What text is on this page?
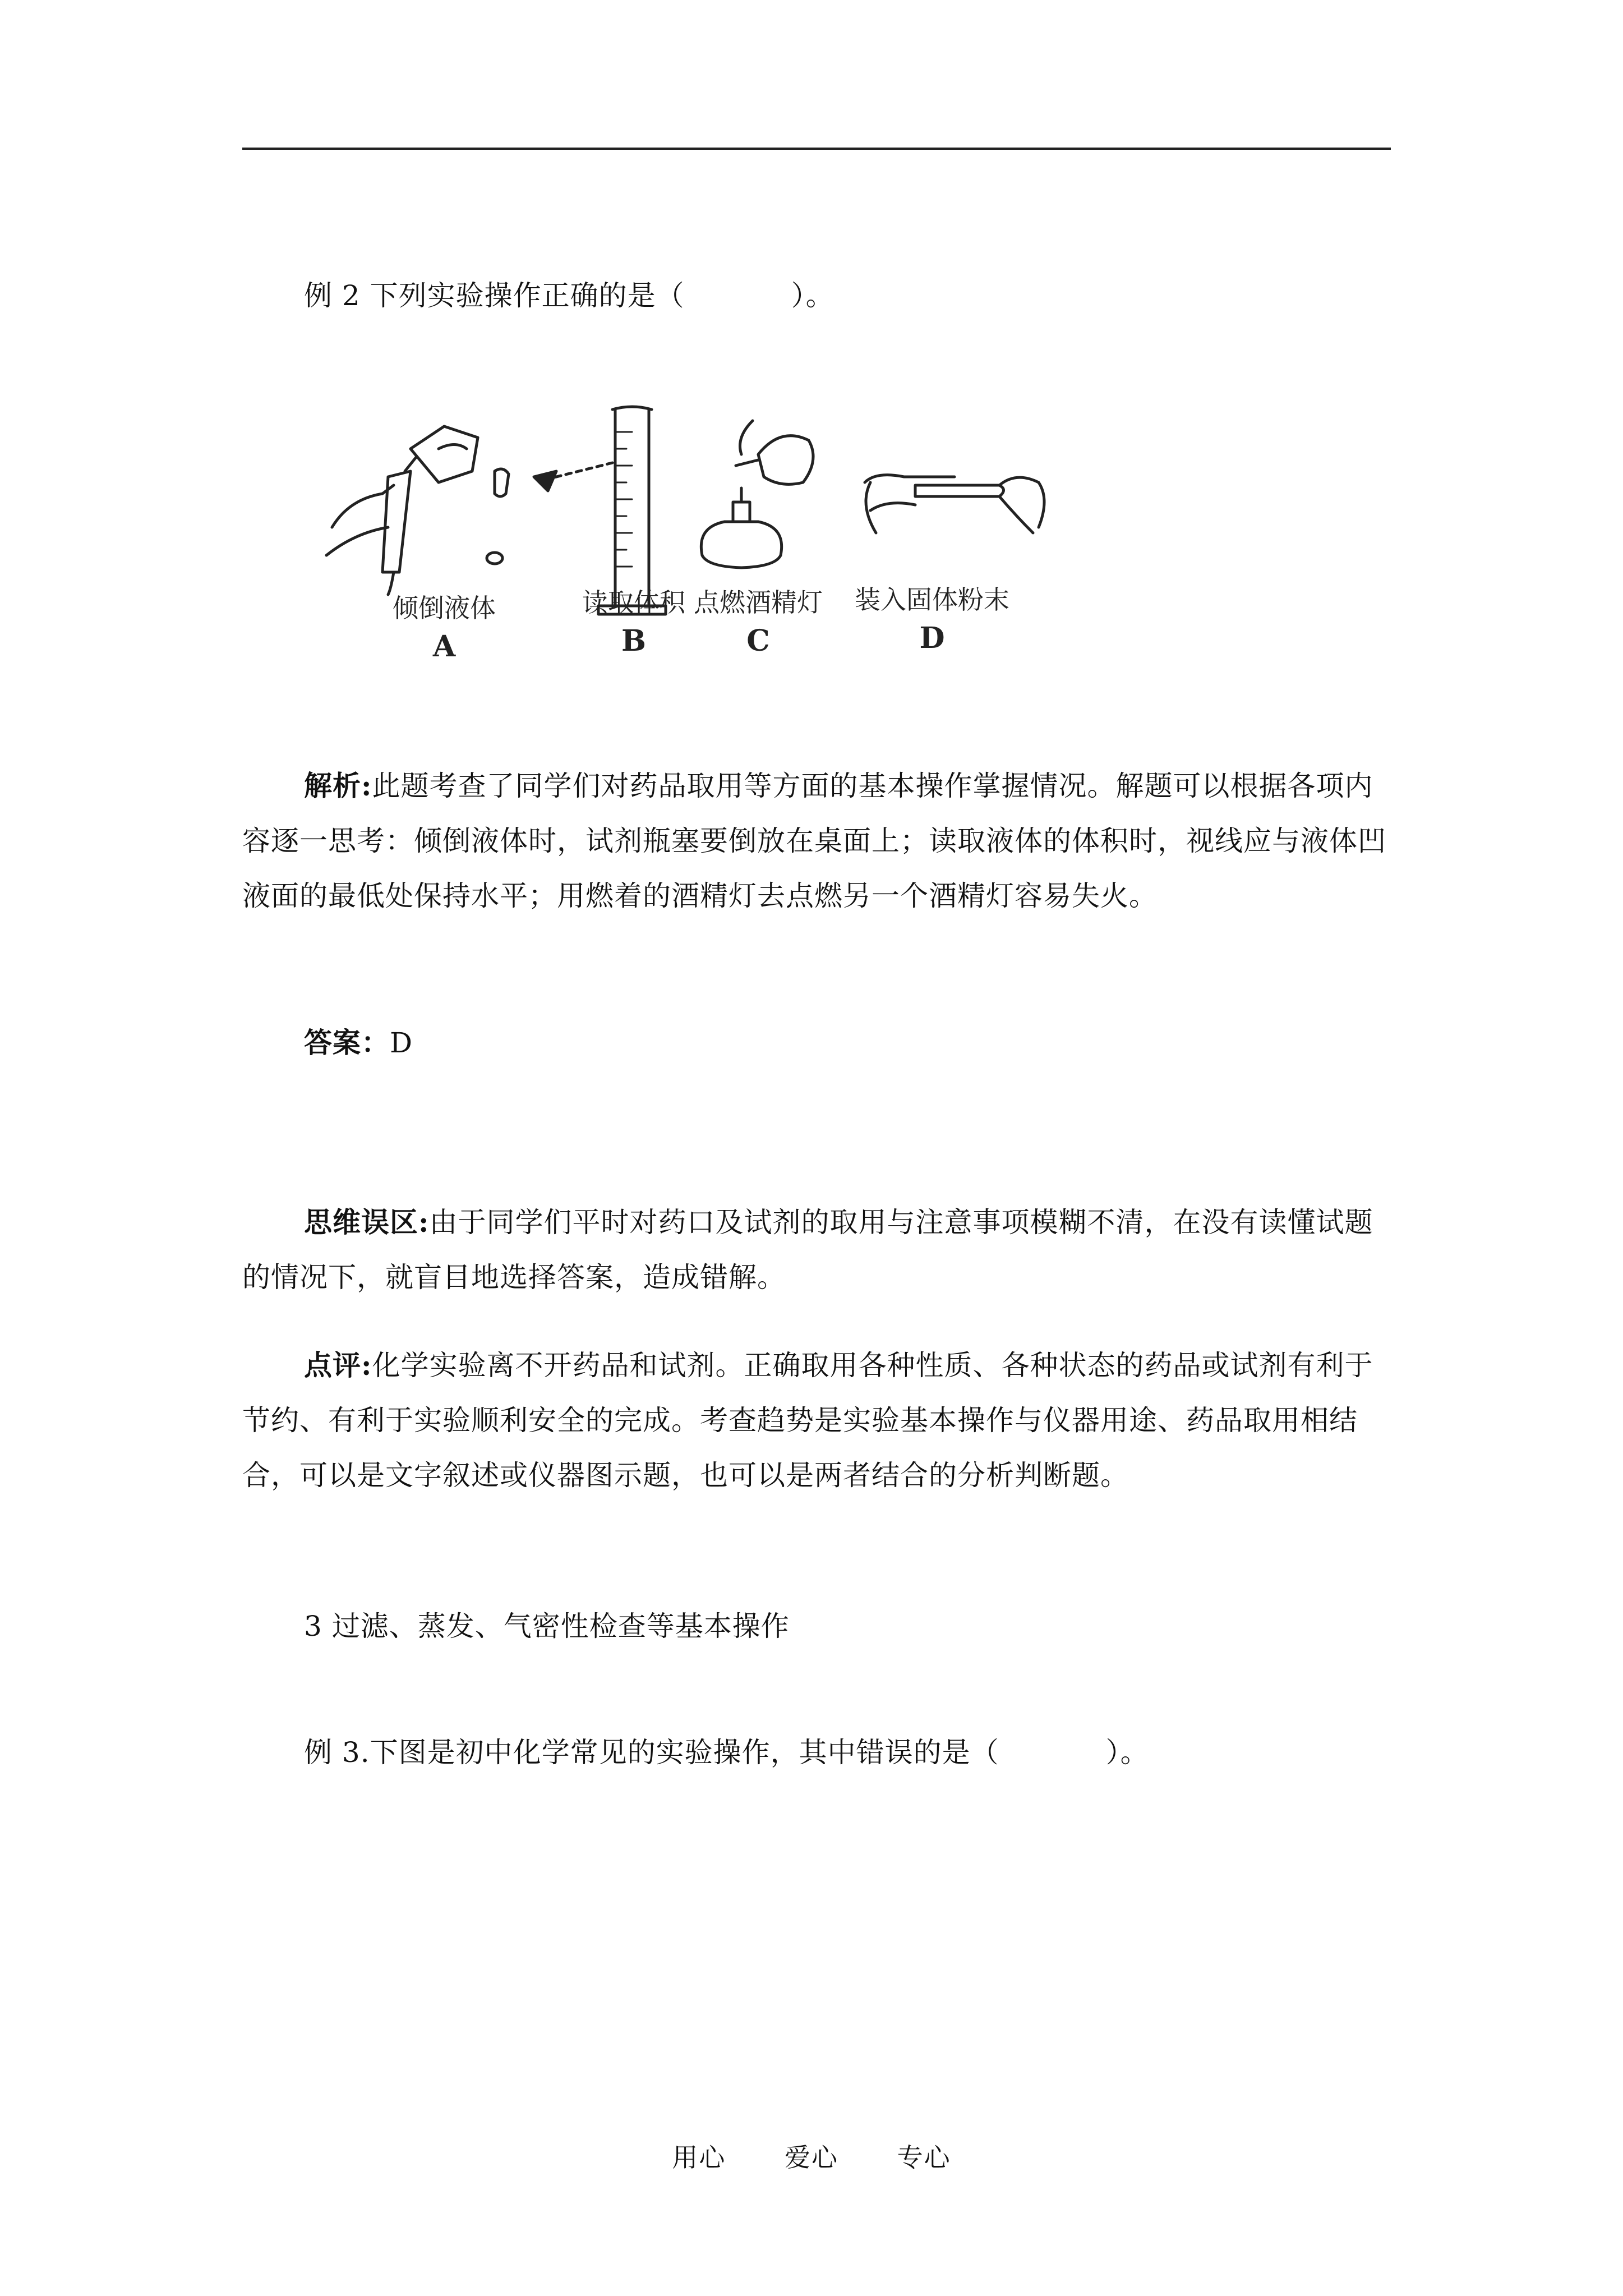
例 2 下列实验操作正确的是（	）。
倾倒液体
A
读取体积
B
点燃酒精灯
C
装入固体粉末
D
解析:此题考查了同学们对药品取用等方面的基本操作掌握情况。解题可以根据各项内容逐一思考：倾倒液体时，试剂瓶塞要倒放在桌面上；读取液体的体积时，视线应与液体凹液面的最低处保持水平；用燃着的酒精灯去点燃另一个酒精灯容易失火。
答案：D
思维误区:由于同学们平时对药口及试剂的取用与注意事项模糊不清，在没有读懂试题的情况下，就盲目地选择答案，造成错解。
点评:化学实验离不开药品和试剂。正确取用各种性质、各种状态的药品或试剂有利于节约、有利于实验顺利安全的完成。考查趋势是实验基本操作与仪器用途、药品取用相结合，可以是文字叙述或仪器图示题，也可以是两者结合的分析判断题。
3 过滤、蒸发、气密性检查等基本操作
例 3.下图是初中化学常见的实验操作，其中错误的是（	）。
用心 爱心 专心
